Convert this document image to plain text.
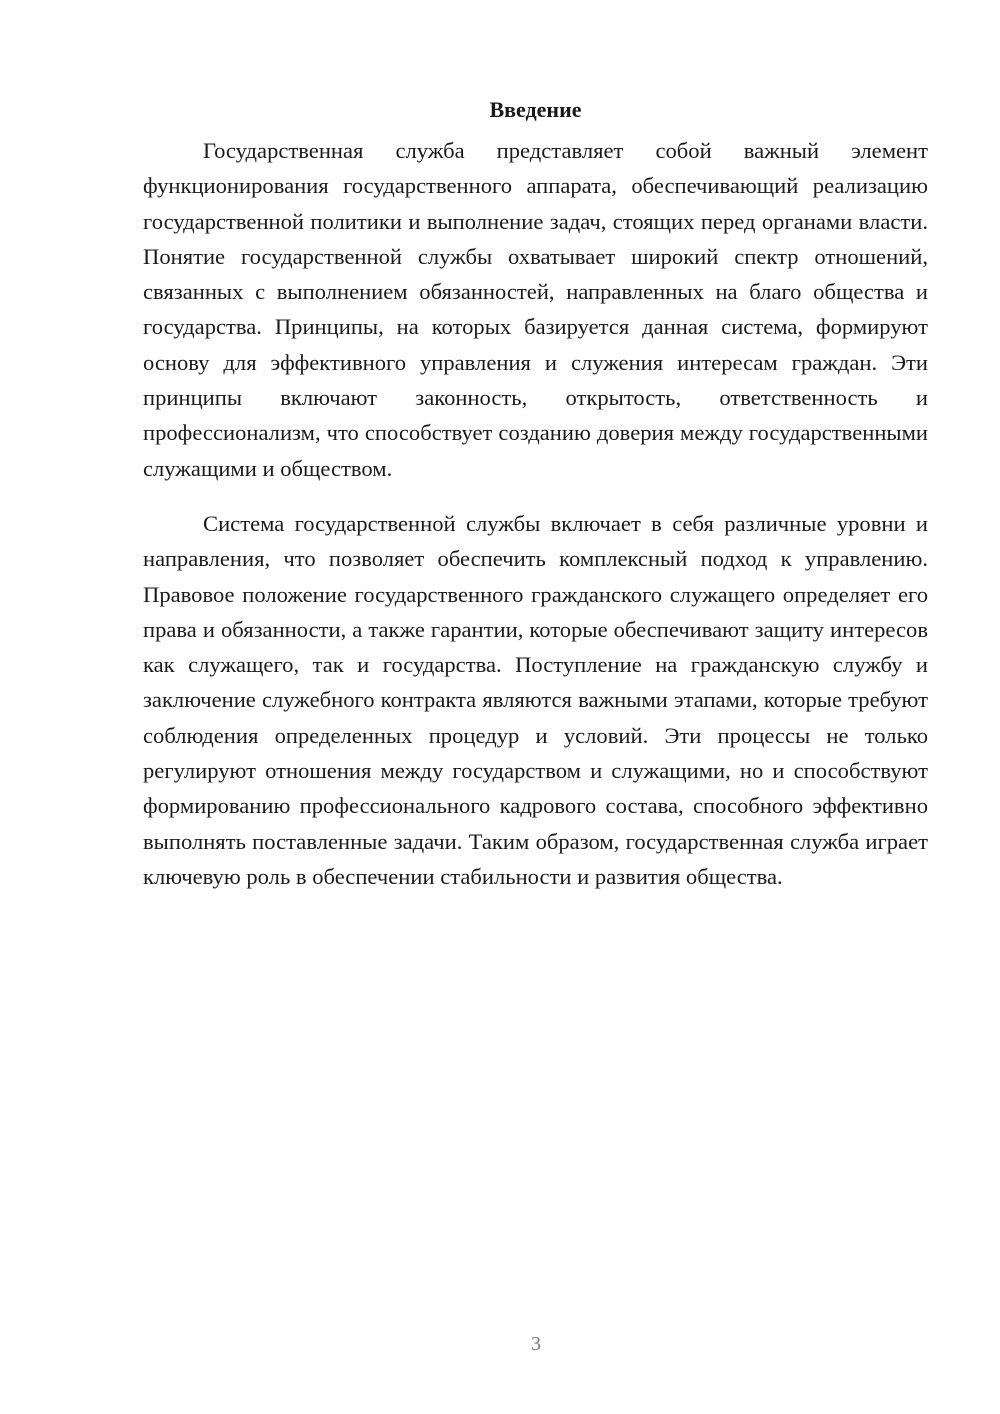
Введение

Государственная служба представляет собой важный элемент функционирования государственного аппарата, обеспечивающий реализацию государственной политики и выполнение задач, стоящих перед органами власти. Понятие государственной службы охватывает широкий спектр отношений, связанных с выполнением обязанностей, направленных на благо общества и государства. Принципы, на которых базируется данная система, формируют основу для эффективного управления и служения интересам граждан. Эти принципы включают законность, открытость, ответственность и профессионализм, что способствует созданию доверия между государственными служащими и обществом.

Система государственной службы включает в себя различные уровни и направления, что позволяет обеспечить комплексный подход к управлению. Правовое положение государственного гражданского служащего определяет его права и обязанности, а также гарантии, которые обеспечивают защиту интересов как служащего, так и государства. Поступление на гражданскую службу и заключение служебного контракта являются важными этапами, которые требуют соблюдения определенных процедур и условий. Эти процессы не только регулируют отношения между государством и служащими, но и способствуют формированию профессионального кадрового состава, способного эффективно выполнять поставленные задачи. Таким образом, государственная служба играет ключевую роль в обеспечении стабильности и развития общества.

3
